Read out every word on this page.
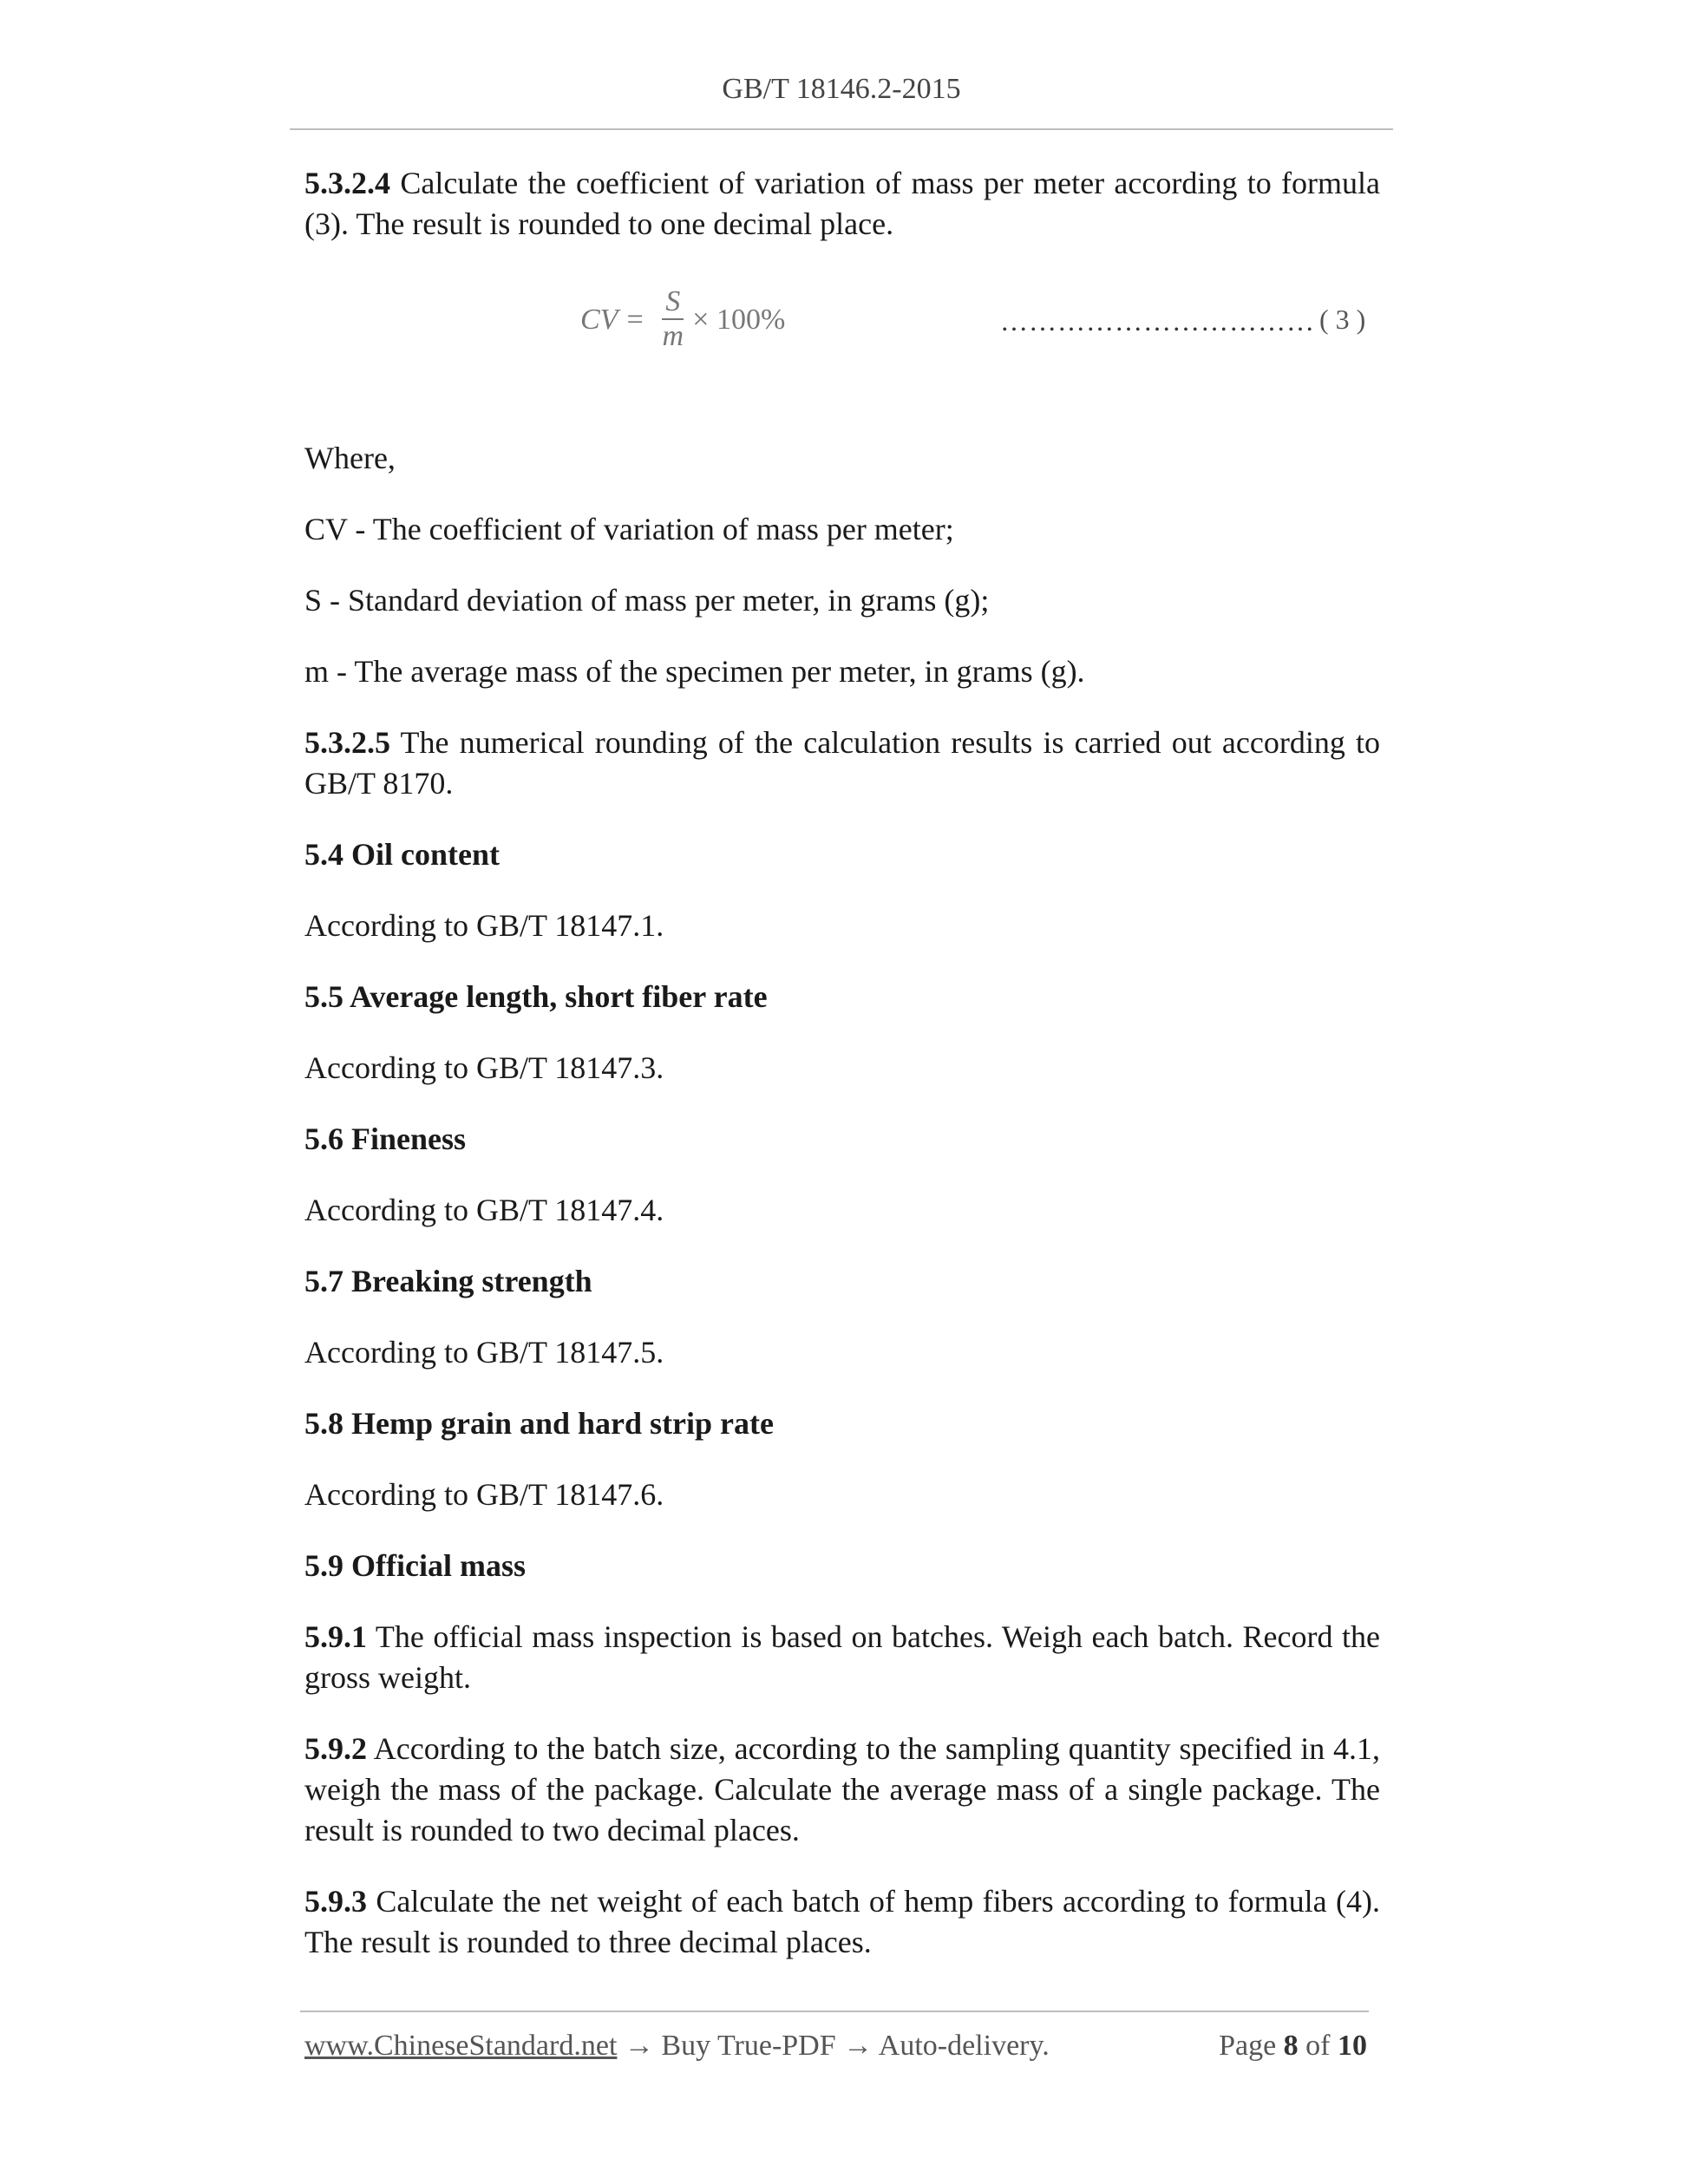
GB/T 18146.2-2015

5.3.2.4 Calculate the coefficient of variation of mass per meter according to formula (3). The result is rounded to one decimal place.

CV = $\frac{S}{m} \times 100\%$	…………………………… ( 3 )

Where,

CV - The coefficient of variation of mass per meter;

S - Standard deviation of mass per meter, in grams (g);

m - The average mass of the specimen per meter, in grams (g).

5.3.2.5 The numerical rounding of the calculation results is carried out according to GB/T 8170.

5.4 Oil content

According to GB/T 18147.1.

5.5 Average length, short fiber rate

According to GB/T 18147.3.

5.6 Fineness

According to GB/T 18147.4.

5.7 Breaking strength

According to GB/T 18147.5.

5.8 Hemp grain and hard strip rate

According to GB/T 18147.6.

5.9 Official mass

5.9.1 The official mass inspection is based on batches. Weigh each batch. Record the gross weight.

5.9.2 According to the batch size, according to the sampling quantity specified in 4.1, weigh the mass of the package. Calculate the average mass of a single package. The result is rounded to two decimal places.

5.9.3 Calculate the net weight of each batch of hemp fibers according to formula (4). The result is rounded to three decimal places.

www.ChineseStandard.net → Buy True-PDF → Auto-delivery.	Page 8 of 10
